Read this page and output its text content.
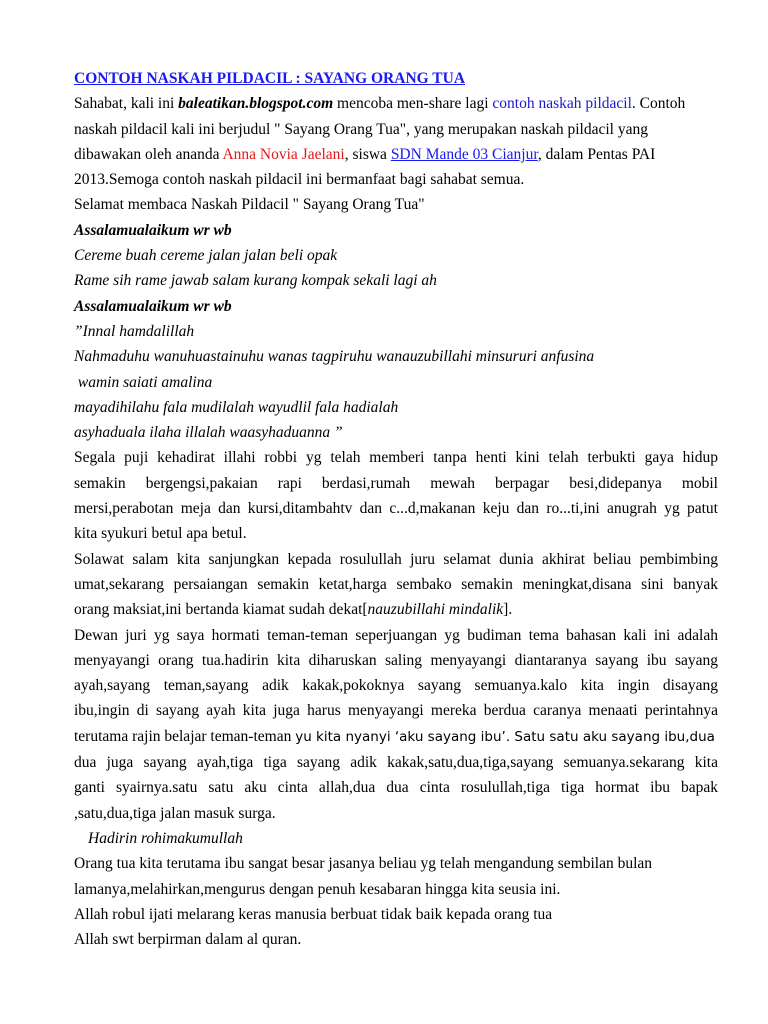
CONTOH NASKAH PILDACIL : SAYANG ORANG TUA

Sahabat, kali ini baleatikan.blogspot.com mencoba men-share lagi contoh naskah pildacil. Contoh

naskah pildacil kali ini berjudul " Sayang Orang Tua", yang merupakan naskah pildacil yang

dibawakan oleh ananda Anna Novia Jaelani, siswa SDN Mande 03 Cianjur, dalam Pentas PAI

2013.Semoga contoh naskah pildacil ini bermanfaat bagi sahabat semua.

Selamat membaca Naskah Pildacil " Sayang Orang Tua"

Assalamualaikum wr wb

Cereme buah cereme jalan jalan beli opak

Rame sih rame jawab salam kurang kompak sekali lagi ah

Assalamualaikum wr wb

”Innal hamdalillah

Nahmaduhu wanuhuastainuhu wanas tagpiruhu wanauzubillahi minsururi anfusina

wamin saiati amalina

mayadihilahu fala mudilalah wayudlil fala hadialah

asyhaduala ilaha illalah waasyhaduanna ”

Segala puji kehadirat illahi robbi yg telah memberi tanpa henti kini telah terbukti gaya hidup

semakin bergengsi,pakaian rapi berdasi,rumah mewah berpagar besi,didepanya mobil

mersi,perabotan meja dan kursi,ditambahtv dan c...d,makanan keju dan ro...ti,ini anugrah yg patut

kita syukuri betul apa betul.

Solawat salam kita sanjungkan kepada rosulullah juru selamat dunia akhirat beliau pembimbing

umat,sekarang persaiangan semakin ketat,harga sembako semakin meningkat,disana sini banyak

orang maksiat,ini bertanda kiamat sudah dekat[nauzubillahi mindalik].

Dewan juri yg saya hormati teman-teman seperjuangan yg budiman tema bahasan kali ini adalah

menyayangi orang tua.hadirin kita diharuskan saling menyayangi diantaranya sayang ibu sayang

ayah,sayang teman,sayang adik kakak,pokoknya sayang semuanya.kalo kita ingin disayang

ibu,ingin di sayang ayah kita juga harus menyayangi mereka berdua caranya menaati perintahnya

terutama rajin belajar teman-teman yu kita nyanyi ‘aku sayang ibu’. Satu satu aku sayang ibu,dua

dua juga sayang ayah,tiga tiga sayang adik kakak,satu,dua,tiga,sayang semuanya.sekarang kita

ganti syairnya.satu satu aku cinta allah,dua dua cinta rosulullah,tiga tiga hormat ibu bapak

,satu,dua,tiga jalan masuk surga.

Hadirin rohimakumullah

Orang tua kita terutama ibu sangat besar jasanya beliau yg telah mengandung sembilan bulan

lamanya,melahirkan,mengurus dengan penuh kesabaran hingga kita seusia ini.

Allah robul ijati melarang keras manusia berbuat tidak baik kepada orang tua

Allah swt berpirman dalam al quran.
